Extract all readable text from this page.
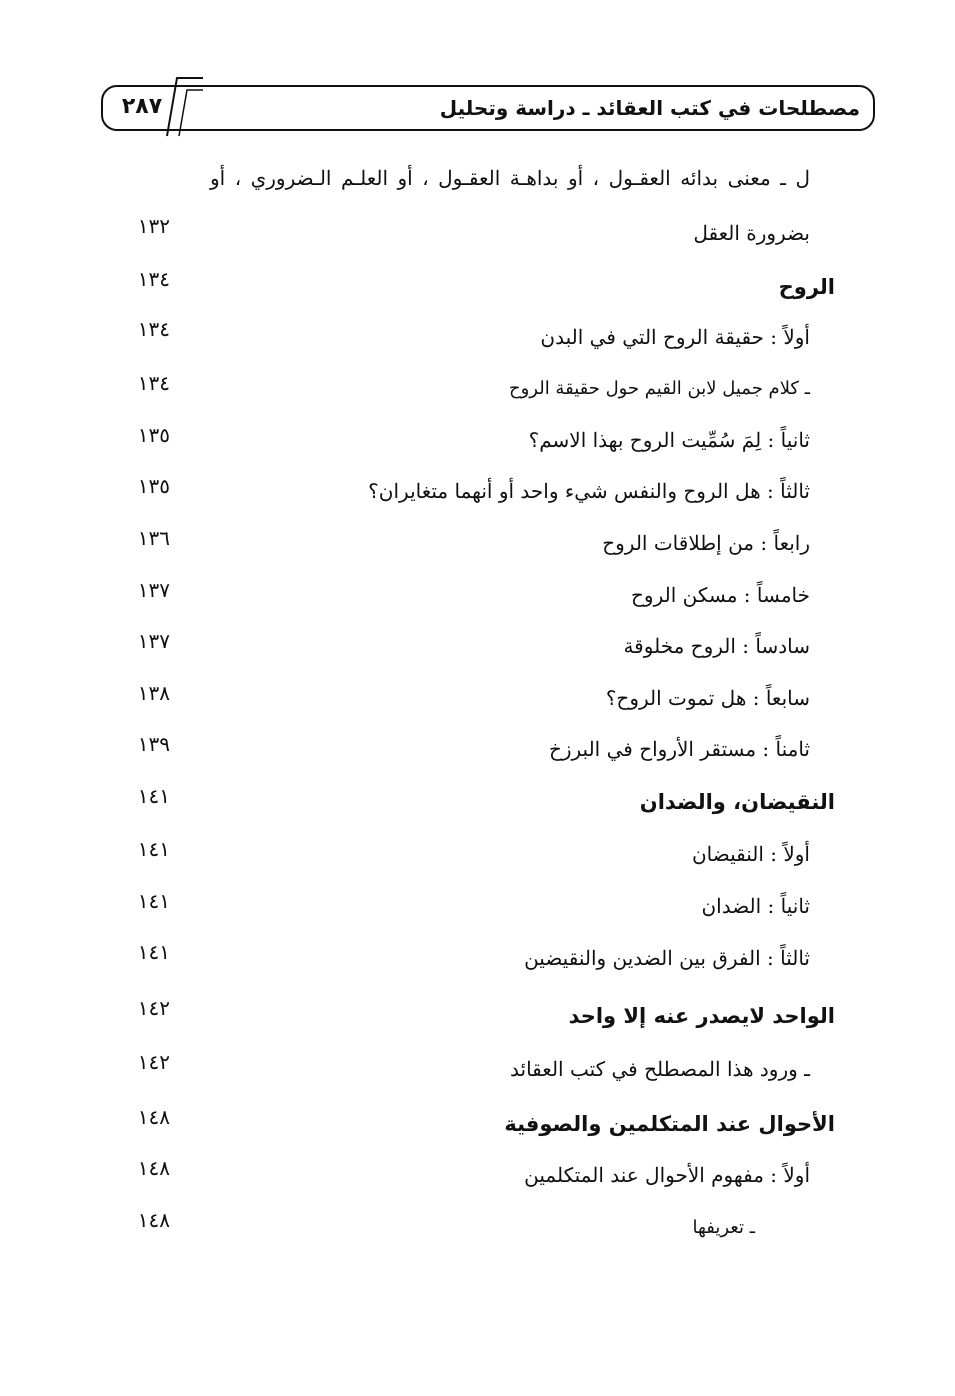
٢٨٧	مصطلحات في كتب العقائد ـ دراسة وتحليل
ل ـ معنى بدائه العقـول ، أو بداهـة العقـول ، أو العلـم الـضروري ، أو
بضرورة العقل
١٣٢
الروح
١٣٤
أولاً : حقيقة الروح التي في البدن
١٣٤
ـ كلام جميل لابن القيم حول حقيقة الروح
١٣٤
ثانياً : لِمَ سُمِّيت الروح بهذا الاسم؟
١٣٥
ثالثاً : هل الروح والنفس شيء واحد أو أنهما متغايران؟
١٣٥
رابعاً : من إطلاقات الروح
١٣٦
خامساً : مسكن الروح
١٣٧
سادساً : الروح مخلوقة
١٣٧
سابعاً : هل تموت الروح؟
١٣٨
ثامناً : مستقر الأرواح في البرزخ
١٣٩
النقيضان، والضدان
١٤١
أولاً : النقيضان
١٤١
ثانياً : الضدان
١٤١
ثالثاً : الفرق بين الضدين والنقيضين
١٤١
الواحد لايصدر عنه إلا واحد
١٤٢
ـ ورود هذا المصطلح في كتب العقائد
١٤٢
الأحوال عند المتكلمين والصوفية
١٤٨
أولاً : مفهوم الأحوال عند المتكلمين
١٤٨
ـ تعريفها
١٤٨
